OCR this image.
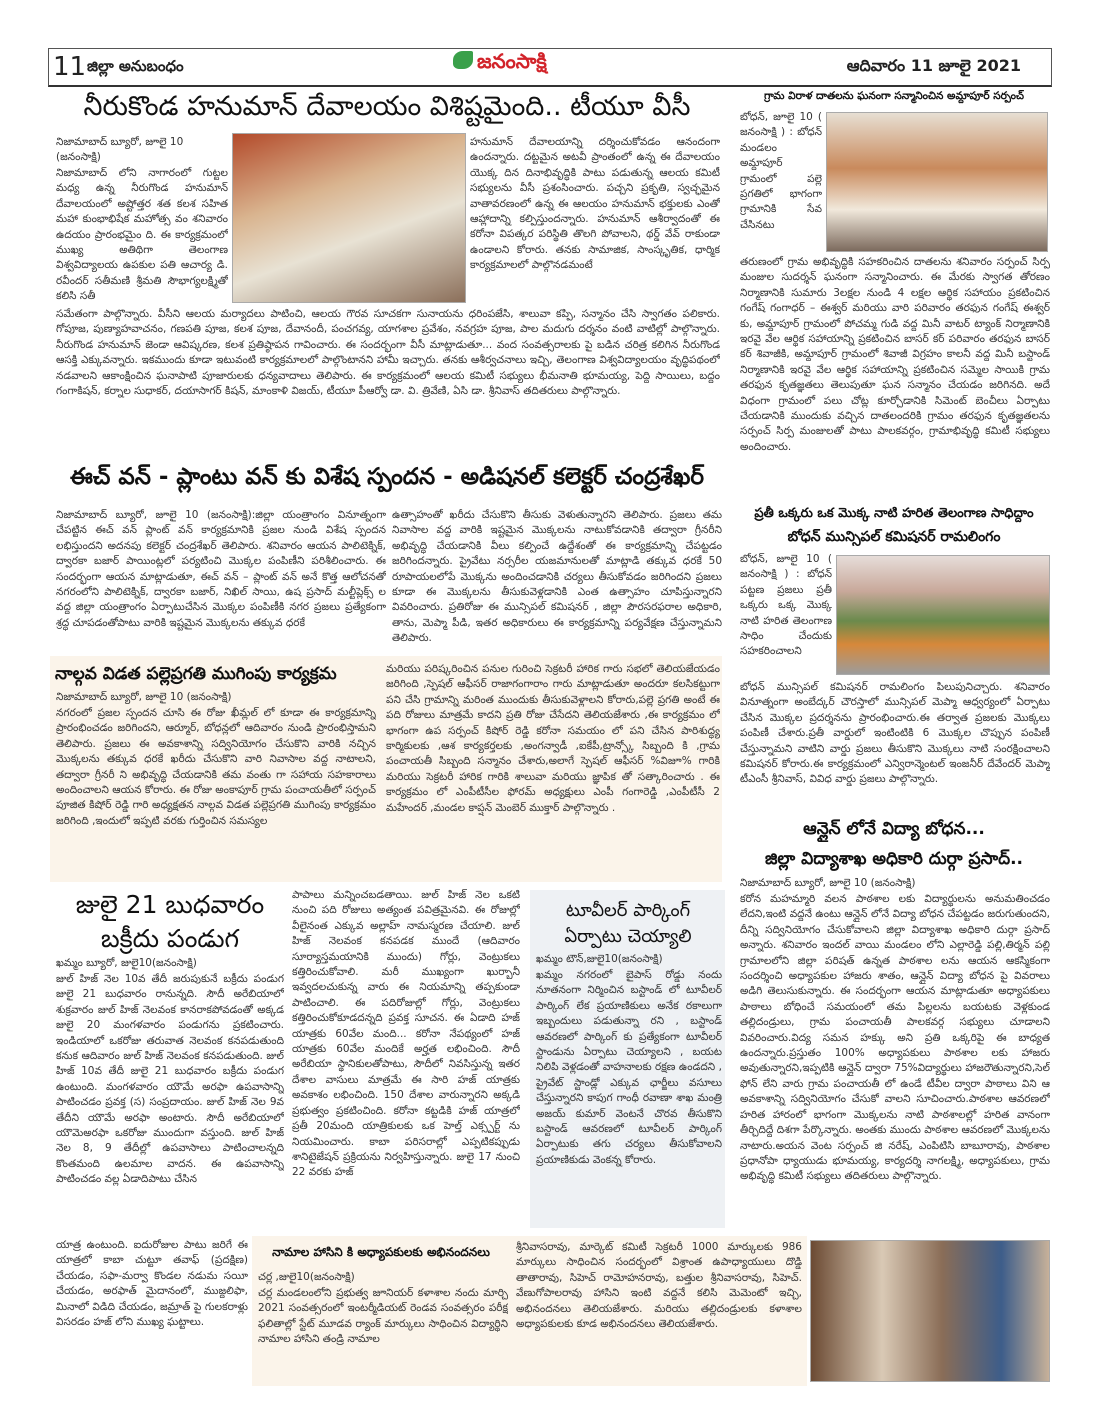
11 జిల్లా అనుబంధం	జనంసాక్షి	ఆదివారం 11 జూలై 2021
నీరుకొండ హనుమాన్ దేవాలయం విశిష్టమైంది.. టీయూ వీసీ
నిజామాబాద్ బ్యూరో, జూలై 10 (జనంసాక్షి)
నిజామాబాద్ లోని నాగారంలో గుట్టల మధ్య ఉన్న నీరుగొండ హనుమాన్ దేవాలయంలో అష్టోత్తర శత కలశ సహిత మహా కుంభాభిషేక మహోత్స వం శనివారం ఉదయం ప్రారంభమైం ది. ఈ కార్యక్రమంలో ముఖ్య అతిథిగా తెలంగాణ విశ్వవిద్యాలయ ఉపకుల పతి ఆచార్య డి. రవీందర్ సతీమణి శ్రీమతి సౌభాగ్యలక్ష్మితో కలిసి సతీ
హనుమాన్ దేవాలయాన్ని దర్శించుకోవడం ఆనందంగా ఉందన్నారు. దట్టమైన అటవీ ప్రాంతంలో ఉన్న ఈ దేవాలయం యొక్క దిన దినాభివృద్ధికి పాటు పడుతున్న ఆలయ కమిటీ సభ్యులను వీసీ ప్రశంసించారు. పచ్చని ప్రకృతి, స్వచ్ఛమైన వాతావరణంలో ఉన్న ఈ ఆలయం హనుమాన్ భక్తులకు ఎంతో ఆహ్లాదాన్ని కల్పిస్తుందన్నారు. హనుమాన్ ఆశీర్వాదంతో ఈ కరోనా విపత్కర పరిస్థితి తొలగి పోవాలని, థర్డ్ వేవ్ రాకుండా ఉండాలని కోరారు. తనకు సామాజిక, సాంస్కృతిక, ధార్మిక కార్యక్రమాలలో పాల్గొనడమంటే
సమేతంగా పాల్గొన్నారు. వీసీని ఆలయ మర్యాదలు పాటించి, ఆలయ గౌరవ సూచకగా సునాయను ధరింపజేసి, శాలువా కప్పి, సన్మానం చేసి స్వాగతం పలికారు. గోపూజ, పుణ్యాహవాచనం, గణపతి పూజ, కలశ పూజ, దేవానందీ, పంచగవ్య, యాగశాల ప్రవేశం, నవగ్రహ పూజ, పాల మదుగు దర్శనం వంటి వాటిల్లో పాల్గొన్నారు. నీరుగొండ హనుమాన్ జెండా ఆవిష్కరణ, కలశ ప్రతిష్ఠాపన గావించారు. ఈ సందర్భంగా వీసీ మాట్లాడుతూ... వంద సంవత్సరాలకు పై బడిన చరిత్ర కలిగిన నీరుగొండ ఆసక్తి ఎక్కువన్నారు. ఇకముందు కూడా ఇటువంటి కార్యక్రమాలలో పాల్గొంటానని హామీ ఇచ్చారు. తనకు ఆశీర్వచనాలు ఇచ్చి, తెలంగాణ విశ్వవిద్యాలయం వృద్ధిపథంలో నడవాలని ఆకాంక్షించిన ఘనాపాటి పూజారులకు ధన్యవాదాలు తెలిపారు. ఈ కార్యక్రమంలో ఆలయ కమిటీ సభ్యులు భీమనాతి భూమయ్య, పెద్ది సాయిలు, బద్దం గంగాకిషన్, కర్నాల సుధాకర్, దయాసాగర్ కిషన్, మాంకాళి విజయ్, టీయూ పీఆర్వో డా. వి. త్రివేణి, ఏసి డా. శ్రీనివాస్ తదితరులు పాల్గొన్నారు.
గ్రామ విరాళ దాతలను ఘనంగా సన్మానించిన అమ్దాపూర్ సర్పంచ్
బోధన్, జూలై 10 ( జనంసాక్షి ) : బోధన్ మండలం అమ్దాపూర్ గ్రామంలో పల్లె ప్రగతిలో భాగంగా గ్రామానికి సేవ చేసినటు
తరుణంలో గ్రామ అభివృద్ధికి సహకరించిన దాతలను శనివారం సర్పంచ్ సిర్ప మంజుల సుదర్శన్ ఘనంగా సన్మానించారు. ఈ మేరకు స్వాగత తోరణం నిర్మాణానికి సుమారు 3లక్షల నుండి 4 లక్షల ఆర్థిక సహాయం ప్రకటించిన గంగేష్ గంగాధర్ – ఈశ్వర్ మరియు వారి పరివారం తరఫున గంగేష్ ఈశ్వర్ కు, అమ్దాపూర్ గ్రామంలో పోచమ్మ గుడి వద్ద మినీ వాటర్ ట్యాంక్ నిర్మాణానికి ఇరవై వేల ఆర్థిక సహాయాన్ని ప్రకటించిన బాసర్ కర్ పరివారం తరఫున బాసర్ కర్ శివాజీకి, అమ్దాపూర్ గ్రామంలో శివాజీ విగ్రహం కాలనీ వద్ద మినీ బస్టాండ్ నిర్మాణానికి ఇరవై వేల ఆర్థిక సహాయాన్ని ప్రకటించిన సమ్మెల సాయికి గ్రామ తరఫున కృతజ్ఞతలు తెలుపుతూ ఘన సన్మానం చేయడం జరిగినది. అదే విధంగా గ్రామంలో పలు చోట్ల కూర్చోడానికి సిమెంట్ బెంచీలు ఏర్పాటు చేయడానికి ముందుకు వచ్చిన దాతలందరికి గ్రామం తరఫున కృతజ్ఞతలను సర్పంచ్ సిర్ప మంజులతో పాటు పాలకవర్గం, గ్రామాభివృద్ధి కమిటీ సభ్యులు అందించారు.
ఈచ్ వన్ - ప్లాంటు వన్ కు విశేష స్పందన - అడిషనల్ కలెక్టర్ చంద్రశేఖర్
నిజామాబాద్ బ్యూరో, జూలై 10 (జనంసాక్షి):జిల్లా యంత్రాంగం వినూత్నంగా చేపట్టిన ఈచ్ వన్ ప్లాంట్ వన్ కార్యక్రమానికి ప్రజల నుండి విశేష స్పందన లభిస్తుందని అదనపు కలెక్టర్ చంద్రశేఖర్ తెలిపారు. శనివారం ఆయన పాలిటెక్నిక్, ద్వారకా బజార్ పాయింట్లలో పర్యటించి మొక్కల పంపిణీని పరిశీలించారు. ఈ సందర్భంగా ఆయన మాట్లాడుతూ, ఈచ్ వన్ – ప్లాంట్ వన్ అనే కొత్త ఆలోచనతో నగరంలోని పాలిటెక్నిక్, ద్వారకా బజార్, నిఖిల్ సాయి, ఉష ప్రసాద్ మల్టీప్లెక్స్ ల వద్ద జిల్లా యంత్రాంగం ఏర్పాటుచేసిన మొక్కల పంపిణీకి నగర ప్రజలు ప్రత్యేకంగా శ్రద్ధ చూపడంతోపాటు వారికి ఇష్టమైన మొక్కలను తక్కువ ధరకే
ఉత్సాహంతో ఖరీదు చేసుకొని తీసుకు వెళుతున్నారని తెలిపారు. ప్రజలు తమ నివాసాల వద్ద వారికి ఇష్టమైన మొక్కలను నాటుకోవడానికి తద్వారా గ్రీనరీని అభివృద్ధి చేయడానికి వీలు కల్పించే ఉద్దేశంతో ఈ కార్యక్రమాన్ని చేపట్టడం జరిగిందన్నారు. ప్రైవేటు నర్సరీల యజమానులతో మాట్లాడి తక్కువ ధరకే 50 రూపాయలలోపే మొక్కను అందించడానికి చర్యలు తీసుకోవడం జరిగిందని ప్రజలు కూడా ఈ మొక్కలను తీసుకువెళ్లడానికి ఎంత ఉత్సాహం చూపిస్తున్నారని వివరించారు. ప్రతిరోజు ఈ మున్సిపల్ కమిషనర్ , జిల్లా పౌరసరఫరాల అధికారి, తాను, మెప్మా పీడి, ఇతర అధికారులు ఈ కార్యక్రమాన్ని పర్యవేక్షణ చేస్తున్నామని తెలిపారు.
ప్రతీ ఒక్కరు ఒక మొక్క నాటి హరిత తెలంగాణ సాధిద్దాం
బోధన్ మున్సిపల్ కమిషనర్ రామలింగం
బోధన్, జూలై 10 ( జనంసాక్షి ) : బోధన్ పట్టణ ప్రజలు ప్రతీ ఒక్కరు ఒక్క మొక్క నాటి హరిత తెలంగాణ సాధిం చేందుకు సహకరించాలని
బోధన్ మున్సిపల్ కమిషనర్ రామలింగం పిలుపునిచ్చారు. శనివారం వినూత్నంగా అంబేద్కర్ చౌరస్తాలో మున్సిపల్ మెప్మా ఆధ్వర్యంలో ఏర్పాటు చేసిన మొక్కల ప్రదర్శనను ప్రారంభించారు.ఈ తర్వాత ప్రజలకు మొక్కలు పంపిణీ చేశారు.ప్రతీ వార్డులో ఇంటింటికి 6 మొక్కల చొప్పున పంపిణీ చేస్తున్నామని వాటిని వార్డు ప్రజలు తీసుకొని మొక్కలు నాటి సంరక్షించాలని కమిషనర్ కోరారు.ఈ కార్యక్రమంలో ఎన్విరాన్మెంటల్ ఇంజనీర్ దేవేందర్ మెప్మా టీఎంసీ శ్రీనివాస్, వివిధ వార్డు ప్రజలు పాల్గొన్నారు.
నాల్గవ విడత పల్లెప్రగతి ముగింపు కార్యక్రమ
నిజామాబాద్ బ్యూరో, జూలై 10 (జనంసాక్షి)
నగరంలో ప్రజల స్పందన చూసి ఈ రోజు ఖీమ్లల్ లో కూడా ఈ కార్యక్రమాన్ని ప్రారంభించడం జరిగిందని, ఆర్మూర్, బోధన్లలో ఆదివారం నుండి ప్రారంభిస్తామని తెలిపారు. ప్రజలు ఈ అవకాశాన్ని సద్వినియోగం చేసుకొని వారికి నచ్చిన మొక్కలను తక్కువ ధరకే ఖరీదు చేసుకొని వారి నివాసాల వద్ద నాటాలని, తద్వారా గ్రీనరీ ని అభివృద్ధి చేయడానికి తమ వంతు గా సహాయ సహకారాలు అందించాలని ఆయన కోరారు. ఈ రోజు అంకాపూర్ గ్రామ పంచాయతీలో సర్పంచ్ పూజిత కిషోర్ రెడ్డి గారి అధ్యక్షతన నాల్గవ విడత పల్లెప్రగతి ముగింపు కార్యక్రమం జరిగింది ,ఇందులో ఇప్పటి వరకు గుర్తించిన సమస్యల
మరియు పరిష్కరించిన పనుల గురించి సెక్రటరీ హారిక గారు సభలో తెలియజేయడం జరిగింది ,స్పెషల్ ఆఫీసర్ రాజాగంగారాం గారు మాట్లాడుతూ అందరూ కలసికట్టుగా పని చేసి గ్రామాన్ని మరింత ముందుకు తీసుకువెళ్లాలని కోరారు,పల్లె ప్రగతి అంటే ఈ పది రోజులు మాత్రమే కాదని ప్రతి రోజు చేసేదని తెలియజేశారు ,ఈ కార్యక్రమం లో భాగంగా ఉప సర్పంచ్ కిషోర్ రెడ్డి కరోనా సమయం లో పని చేసిన పారిశుద్ధ్య కార్మికులకు ,ఆశ కార్యకర్తలకు ,అంగన్వాడీ ,ఐకేపీ,ట్రాన్స్కో సిబ్బంది కి ,గ్రామ పంచాయతీ సిబ్బంది సన్మానం చేశారు,అలాగే స్పెషల్ ఆఫీసర్ %విజూ% గారికి మరియు సెక్రటరీ హారిక గారికి శాలువా మరియు జ్ఞాపిక తో సత్కారించారు . ఈ కార్యక్రమం లో ఎంపీటీసీల ఫోరమ్ అధ్యక్షులు ఎంపీ గంగారెడ్డి ,ఎంపీటీసీ 2 మహేందర్ ,మండల కాప్షన్ మెంబెర్ ముక్తార్ పాల్గొన్నారు .
ఆన్లైన్ లోనే విద్యా బోధన...
జిల్లా విద్యాశాఖ అధికారి దుర్గా ప్రసాద్..
నిజామాబాద్ బ్యూరో, జూలై 10 (జనంసాక్షి)
కరోన మహమ్మారి వలన పాఠశాల లకు విద్యార్థులను అనుమతించడం లేదని,ఇంటి వద్దనే ఉంటు ఆన్లైన్ లోనే విద్యా బోధన చేపట్టడం జరుగుతుందని, దీన్ని సద్వినియోగం చేసుకోవాలని జిల్లా విద్యాశాఖ అధికారి దుర్గా ప్రసాద్ అన్నారు. శనివారం ఇందల్ వాయి మండలం లోని ఎల్లారెడ్డి పల్లి,తిర్మన్ పల్లి గ్రామాలలోని జిల్లా పరిషత్ ఉన్నత పాఠశాల లను ఆయన ఆకస్మికంగా సందర్శించి అధ్యాపకుల హాజరు శాతం, ఆన్లైన్ విద్యా బోధన పై వివరాలు అడిగి తెలుసుకున్నారు. ఈ సందర్భంగా ఆయన మాట్లాడుతూ అధ్యాపకులు పాఠాలు బోధించే సమయంలో తమ పిల్లలను బయటకు వెళ్లకుండ తల్లిదండ్రులు, గ్రామ పంచాయతీ పాలకవర్గ సభ్యులు చూడాలని వివరించారు.విద్య సమన హక్కు అని ప్రతి ఒక్కరిపై ఈ బాధ్యత ఉందన్నారు.ప్రస్తుతం 100% అధ్యాపకులు పాఠశాల లకు హాజరు అవుతున్నారని,ఇప్పటికి ఆన్లైన్ ద్వారా 75%విద్యార్థులు హాజరౌతున్నారని,సెల్ ఫోన్ లేని వారు గ్రామ పంచాయతీ లో ఉండే టీవీల ద్వారా పాఠాలు విని ఆ అవకాశాన్ని సద్వినియోగం చేసుకో వాలని సూచించారు.పాఠశాల ఆవరణలో హరిత హారంలో భాగంగా మొక్కలను నాటి పాఠశాలల్లో హరిత వానంగా తీర్చిదిద్దే దిశగా పేర్కొన్నారు. అంతకు ముందు పాఠశాల ఆవరణలో మొక్కలను నాటారు.అయన వెంట సర్పంచ్ జి నరేష్, ఎంపిటిసి బాబూరావు, పాఠశాల ప్రధానోపా ధ్యాయుడు భూమయ్య, కార్యదర్శి నాగలక్ష్మి, అధ్యాపకులు, గ్రామ అభివృద్ధి కమిటీ సభ్యులు తదితరులు పాల్గొన్నారు.
జులై 21 బుధవారం
బక్రీదు పండుగ
ఖమ్మం బ్యూరో, జులై10(జనంసాక్షి)
జుల్ హిజ్ నెల 10వ తేదీ జరుపుకునే బక్రీదు పండుగ జులై 21 బుధవారం రానున్నది. సౌదీ అరేబియాలో శుక్రవారం జుల్ హిజ్ నెలవంక కానరాకపోవడంతో అక్కడ జులై 20 మంగళవారం పండుగను ప్రకటించారు. ఇండియాలో ఒకరోజు తరువాత నెలవంక కనపడుతుంది కనుక ఆదివారం జుల్ హిజ్ నెలవంక కనపడుతుంది. జుల్ హిజ్ 10వ తేదీ జులై 21 బుధవారం బక్రీదు పండుగ ఉంటుంది. మంగళవారం యౌమే అరఫా ఉపవాసాన్ని పాటించడం ప్రవక్త (స) సంప్రదాయం. జుల్ హిజ్ నెల 9వ తేదీని యౌమే అరఫా అంటారు. సౌదీ అరేబియాలో యౌమెఅరఫా ఒకరోజు ముందుగా వస్తుంది. జుల్ హిజ్ నెల 8, 9 తేదీల్లో ఉపవాసాలు పాటించాలన్నది కొంతమంది ఉలమాల వాదన. ఈ ఉపవాసాన్ని పాటించడం వల్ల ఏడాదిపాటు చేసిన
పాపాలు మన్నించబడతాయి. జుల్ హిజ్ నెల ఒకటి నుంచి పది రోజులు అత్యంత పవిత్రమైనవి. ఈ రోజుల్లో వీలైనంత ఎక్కువ అల్లాహ్ నామస్మరణ చేయాలి. జుల్ హిజ్ నెలవంక కనపడక ముందే (ఆదివారం సూర్యాస్తమయానికి ముందు) గోర్లు, వెంట్రుకలు కత్తిరించుకోవాలి. మరీ ముఖ్యంగా ఖుర్బానీ ఇవ్వదలచుకున్న వారు ఈ నియమాన్ని తప్పకుండా పాటించాలి. ఈ పదిరోజుల్లో గోర్లు, వెంట్రుకలు కత్తిరించుకోకూడదన్నది ప్రవక్త సూచన. ఈ ఏడాది హజ్ యాత్రకు 60వేల మంది... కరోనా నేపథ్యంలో హజ్ యాత్రకు 60వేల మందికే అర్హత లభించింది. సౌదీ అరేబియా స్థానికులతోపాటు, సౌదీలో నివసిస్తున్న ఇతర దేశాల వాసులు మాత్రమే ఈ సారి హజ్ యాత్రకు అవకాశం లభించింది. 150 దేశాల వారున్నారని అక్కడి ప్రభుత్వం ప్రకటించింది. కరోనా కట్టడికి హజ్ యాత్రలో ప్రతీ 20మంది యాత్రికులకు ఒక హెల్త్ ఎక్స్పర్ట్ ను నియమించారు. కాబా పరిసరాల్లో ఎప్పటికప్పుడు శానిటైజేషన్ ప్రక్రియను నిర్వహిస్తున్నారు. జులై 17 నుంచి 22 వరకు హజ్
యాత్ర ఉంటుంది. ఐదురోజుల పాటు జరిగే ఈ యాత్రలో కాబా చుట్టూ తవాఫ్ (ప్రదక్షిణ) చేయడం, సఫా-మర్వా కొండల నడుమ సయీ చేయడం, అరఫాత్ మైదానంలో, ముజ్దలిఫా, మినాలో విడిది చేయడం, జమ్రాత్ పై గులకరాళ్లు విసరడం హజ్ లోని ముఖ్య ఘట్టాలు.
టూవీలర్ పార్కింగ్
ఏర్పాటు చెయ్యాలి
ఖమ్మం టౌన్,జులై10(జనంసాక్షి)
ఖమ్మం నగరంలో బైపాస్ రోడ్డు నందు నూతనంగా నిర్మించిన బస్టాండ్ లో టూవీలర్ పార్కింగ్ లేక ప్రయాణికులు అనేక రకాలుగా ఇబ్బందులు పడుతున్నా రని , బస్టాండ్ ఆవరణలో పార్కింగ్ కు ప్రత్యేకంగా టూవీలర్ స్టాండును ఏర్పాటు చెయ్యాలని , బయట నిలిపి వెళ్లడంతో వాహనాలకు రక్షణ ఉండదని , ప్రైవేట్ స్టాండ్లో ఎక్కువ ఛార్జీలు వసూలు చేస్తున్నారని కాపుగ గాంధీ రవాణా శాఖ మంత్రి అజయ్ కుమార్ వెంటనే చొరవ తీసుకొని బస్టాండ్ ఆవరణలో టూవీలర్ పార్కింగ్ ఏర్పాటుకు తగు చర్యలు తీసుకోవాలని ప్రయాణికుడు వెంకన్న కోరారు.
నామాల హాసిని కి అధ్యాపకులకు అభినందనలు
చర్ల ,జులై10(జనంసాక్షి)
చర్ల మండలంలోని ప్రభుత్వ జూనియర్ కళాశాల నందు మార్చి 2021 సంవత్సరంలో ఇంటర్మీడియట్ రెండవ సంవత్సరం పరీక్ష ఫలితాల్లో స్టేట్ మూడవ ర్యాంక్ మార్కులు సాధించిన విద్యార్థిని నామాల హాసిని తండ్రి నామాల
శ్రీనివాసరావు, మార్కెట్ కమిటీ సెక్రటరీ 1000 మార్కులకు 986 మార్కులు సాధించిన సందర్భంలో విశ్రాంత ఉపాధ్యాయులు దొడ్డి తాతారావు, సిహెచ్ రామోహనరావు, బత్తుల శ్రీనివాసరావు, సిహెచ్. వేణుగోపాలరావు హాసిని ఇంటి వద్దనే కలిసి మెమెంటో ఇచ్చి, అభినందనలు తెలియజేశారు. మరియు తల్లిదండ్రులకు కళాశాల అధ్యాపకులకు కూడ అభినందనలు తెలియజేశారు.
